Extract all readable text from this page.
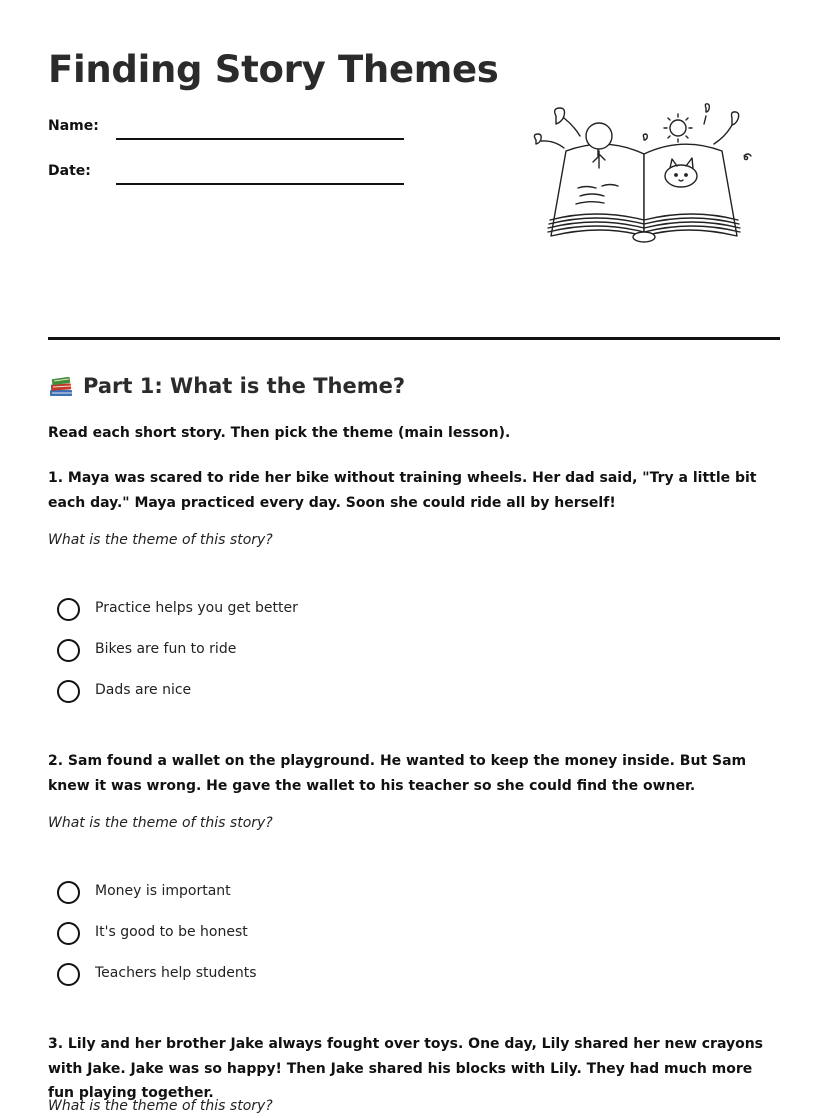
Finding Story Themes
Name:
Date:
Part 1: What is the Theme?
Read each short story. Then pick the theme (main lesson).

1. Maya was scared to ride her bike without training wheels. Her dad said, "Try a little bit each day." Maya practiced every day. Soon she could ride all by herself!

What is the theme of this story?
Practice helps you get better
Bikes are fun to ride
Dads are nice

2. Sam found a wallet on the playground. He wanted to keep the money inside. But Sam knew it was wrong. He gave the wallet to his teacher so she could find the owner.

What is the theme of this story?
Money is important
It's good to be honest
Teachers help students

3. Lily and her brother Jake always fought over toys. One day, Lily shared her new crayons with Jake. Jake was so happy! Then Jake shared his blocks with Lily. They had much more fun playing together.

What is the theme of this story?
